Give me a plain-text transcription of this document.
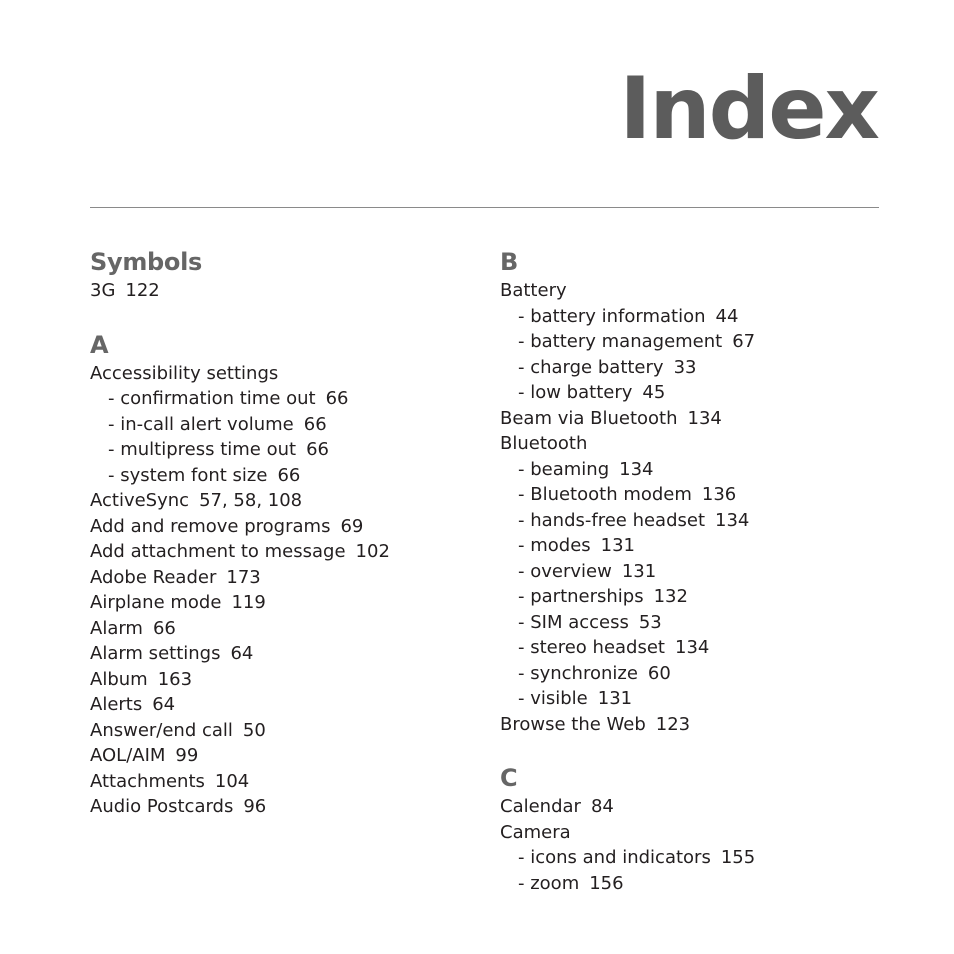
Index
Symbols
3G 122
A
Accessibility settings
- confirmation time out 66
- in-call alert volume 66
- multipress time out 66
- system font size 66
ActiveSync 57, 58, 108
Add and remove programs 69
Add attachment to message 102
Adobe Reader 173
Airplane mode 119
Alarm 66
Alarm settings 64
Album 163
Alerts 64
Answer/end call 50
AOL/AIM 99
Attachments 104
Audio Postcards 96
B
Battery
- battery information 44
- battery management 67
- charge battery 33
- low battery 45
Beam via Bluetooth 134
Bluetooth
- beaming 134
- Bluetooth modem 136
- hands-free headset 134
- modes 131
- overview 131
- partnerships 132
- SIM access 53
- stereo headset 134
- synchronize 60
- visible 131
Browse the Web 123
C
Calendar 84
Camera
- icons and indicators 155
- zoom 156
